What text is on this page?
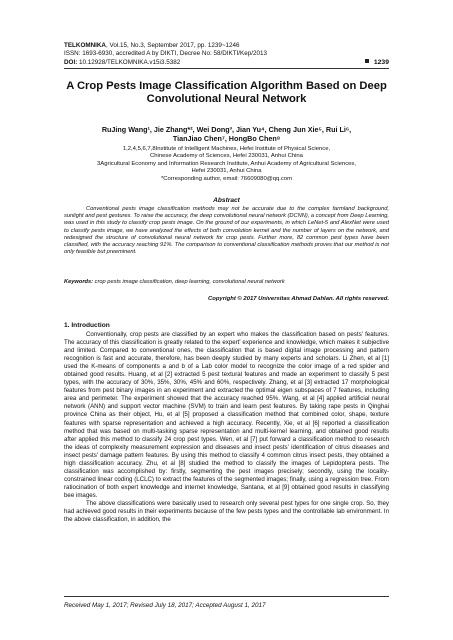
TELKOMNIKA, Vol.15, No.3, September 2017, pp. 1239~1246
ISSN: 1693-6930, accredited A by DIKTI, Decree No: 58/DIKTI/Kep/2013
DOI: 10.12928/TELKOMNIKA.v15i3.5382	1239
A Crop Pests Image Classification Algorithm Based on Deep Convolutional Neural Network
RuJing Wang¹, Jie Zhang*², Wei Dong³, Jian Yu⁴, Cheng Jun Xie⁵, Rui Li⁶,
TianJiao Chen⁷, HongBo Chen⁸
1,2,4,5,6,7,8Institute of Intelligent Machines, Hefei Institute of Physical Science,
Chinese Academy of Sciences, Hefei 230031, Anhui China
3Agricultural Economy and Information Research Institute, Anhui Academy of Agricultural Sciences,
Hefei 230031, Anhui China
*Corresponding author, email: 76609080@qq.com
Abstract
Conventional pests image classification methods may not be accurate due to the complex farmland background, sunlight and pest gestures. To raise the accuracy, the deep convolutional neural network (DCNN), a concept from Deep Learning, was used in this study to classify crop pests image. On the ground of our experiments, in which LeNet-5 and AlexNet were used to classify pests image, we have analyzed the effects of both convolution kernel and the number of layers on the network, and redesigned the structure of convolutional neural network for crop pests. Further more, 82 common pest types have been classified, with the accuracy reaching 91%. The comparison to conventional classification methods proves that our method is not only feasible but preeminent.
Keywords: crop pests image classification, deep learning, convolutional neural network
Copyright © 2017 Universitas Ahmad Dahlan. All rights reserved.
1. Introduction

Conventionally, crop pests are classified by an expert who makes the classification based on pests' features. The accuracy of this classification is greatly related to the expert' experience and knowledge, which makes it subjective and limited. Compared to conventional ones, the classification that is based digital image processing and pattern recognition is fast and accurate, therefore, has been deeply studied by many experts and scholars. Li Zhen, et al [1] used the K-means of components a and b of a Lab color model to recognize the color image of a red spider and obtained good results. Huang, et al [2] extracted 5 pest textural features and made an experiment to classify 5 pest types, with the accuracy of 30%, 35%, 30%, 45% and 60%, respectively. Zhang, et al [3] extracted 17 morphological features from pest binary images in an experiment and extracted the optimal eigen subspaces of 7 features, including area and perimeter. The experiment showed that the accuracy reached 95%. Wang, et al [4] applied artificial neural network (ANN) and support vector machine (SVM) to train and learn pest features. By taking rape pests in Qinghai province China as their object, Hu, et al [5] proposed a classification method that combined color, shape, texture features with sparse representation and achieved a high accuracy. Recently, Xie, et al [6] reported a classification method that was based on multi-tasking sparse representation and multi-kernel learning, and obtained good results after applied this method to classify 24 crop pest types. Wen, et al [7] put forward a classification method to research the ideas of complexity measurement expression and diseases and insect pests' identification of citrus diseases and insect pests' damage pattern features. By using this method to classify 4 common citrus insect pests, they obtained a high classification accuracy. Zhu, et al [8] studied the method to classify the images of Lepidoptera pests. The classification was accomplished by: firstly, segmenting the pest images precisely; secondly, using the locality-constrained linear coding (LCLC) to extract the features of the segmented images; finally, using a regression tree. From ratiocination of both expert knowledge and internet knowledge, Santana, et al [9] obtained good results in classifying bee images.

The above classifications were basically used to research only several pest types for one single crop. So, they had achieved good results in their experiments because of the few pests types and the controllable lab environment. In the above classification, in addition, the

Received May 1, 2017; Revised July 18, 2017; Accepted August 1, 2017
